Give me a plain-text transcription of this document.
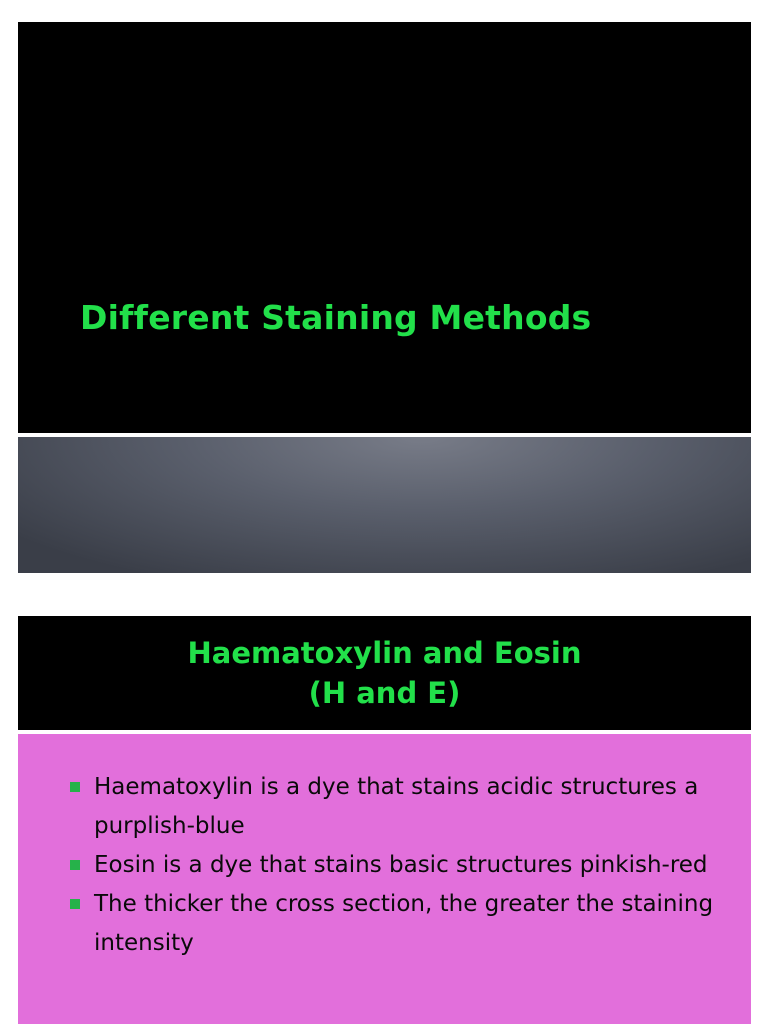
Different Staining Methods
Haematoxylin and Eosin
(H and E)
Haematoxylin is a dye that stains acidic structures a purplish-blue
Eosin is a dye that stains basic structures pinkish-red
The thicker the cross section, the greater the staining intensity
